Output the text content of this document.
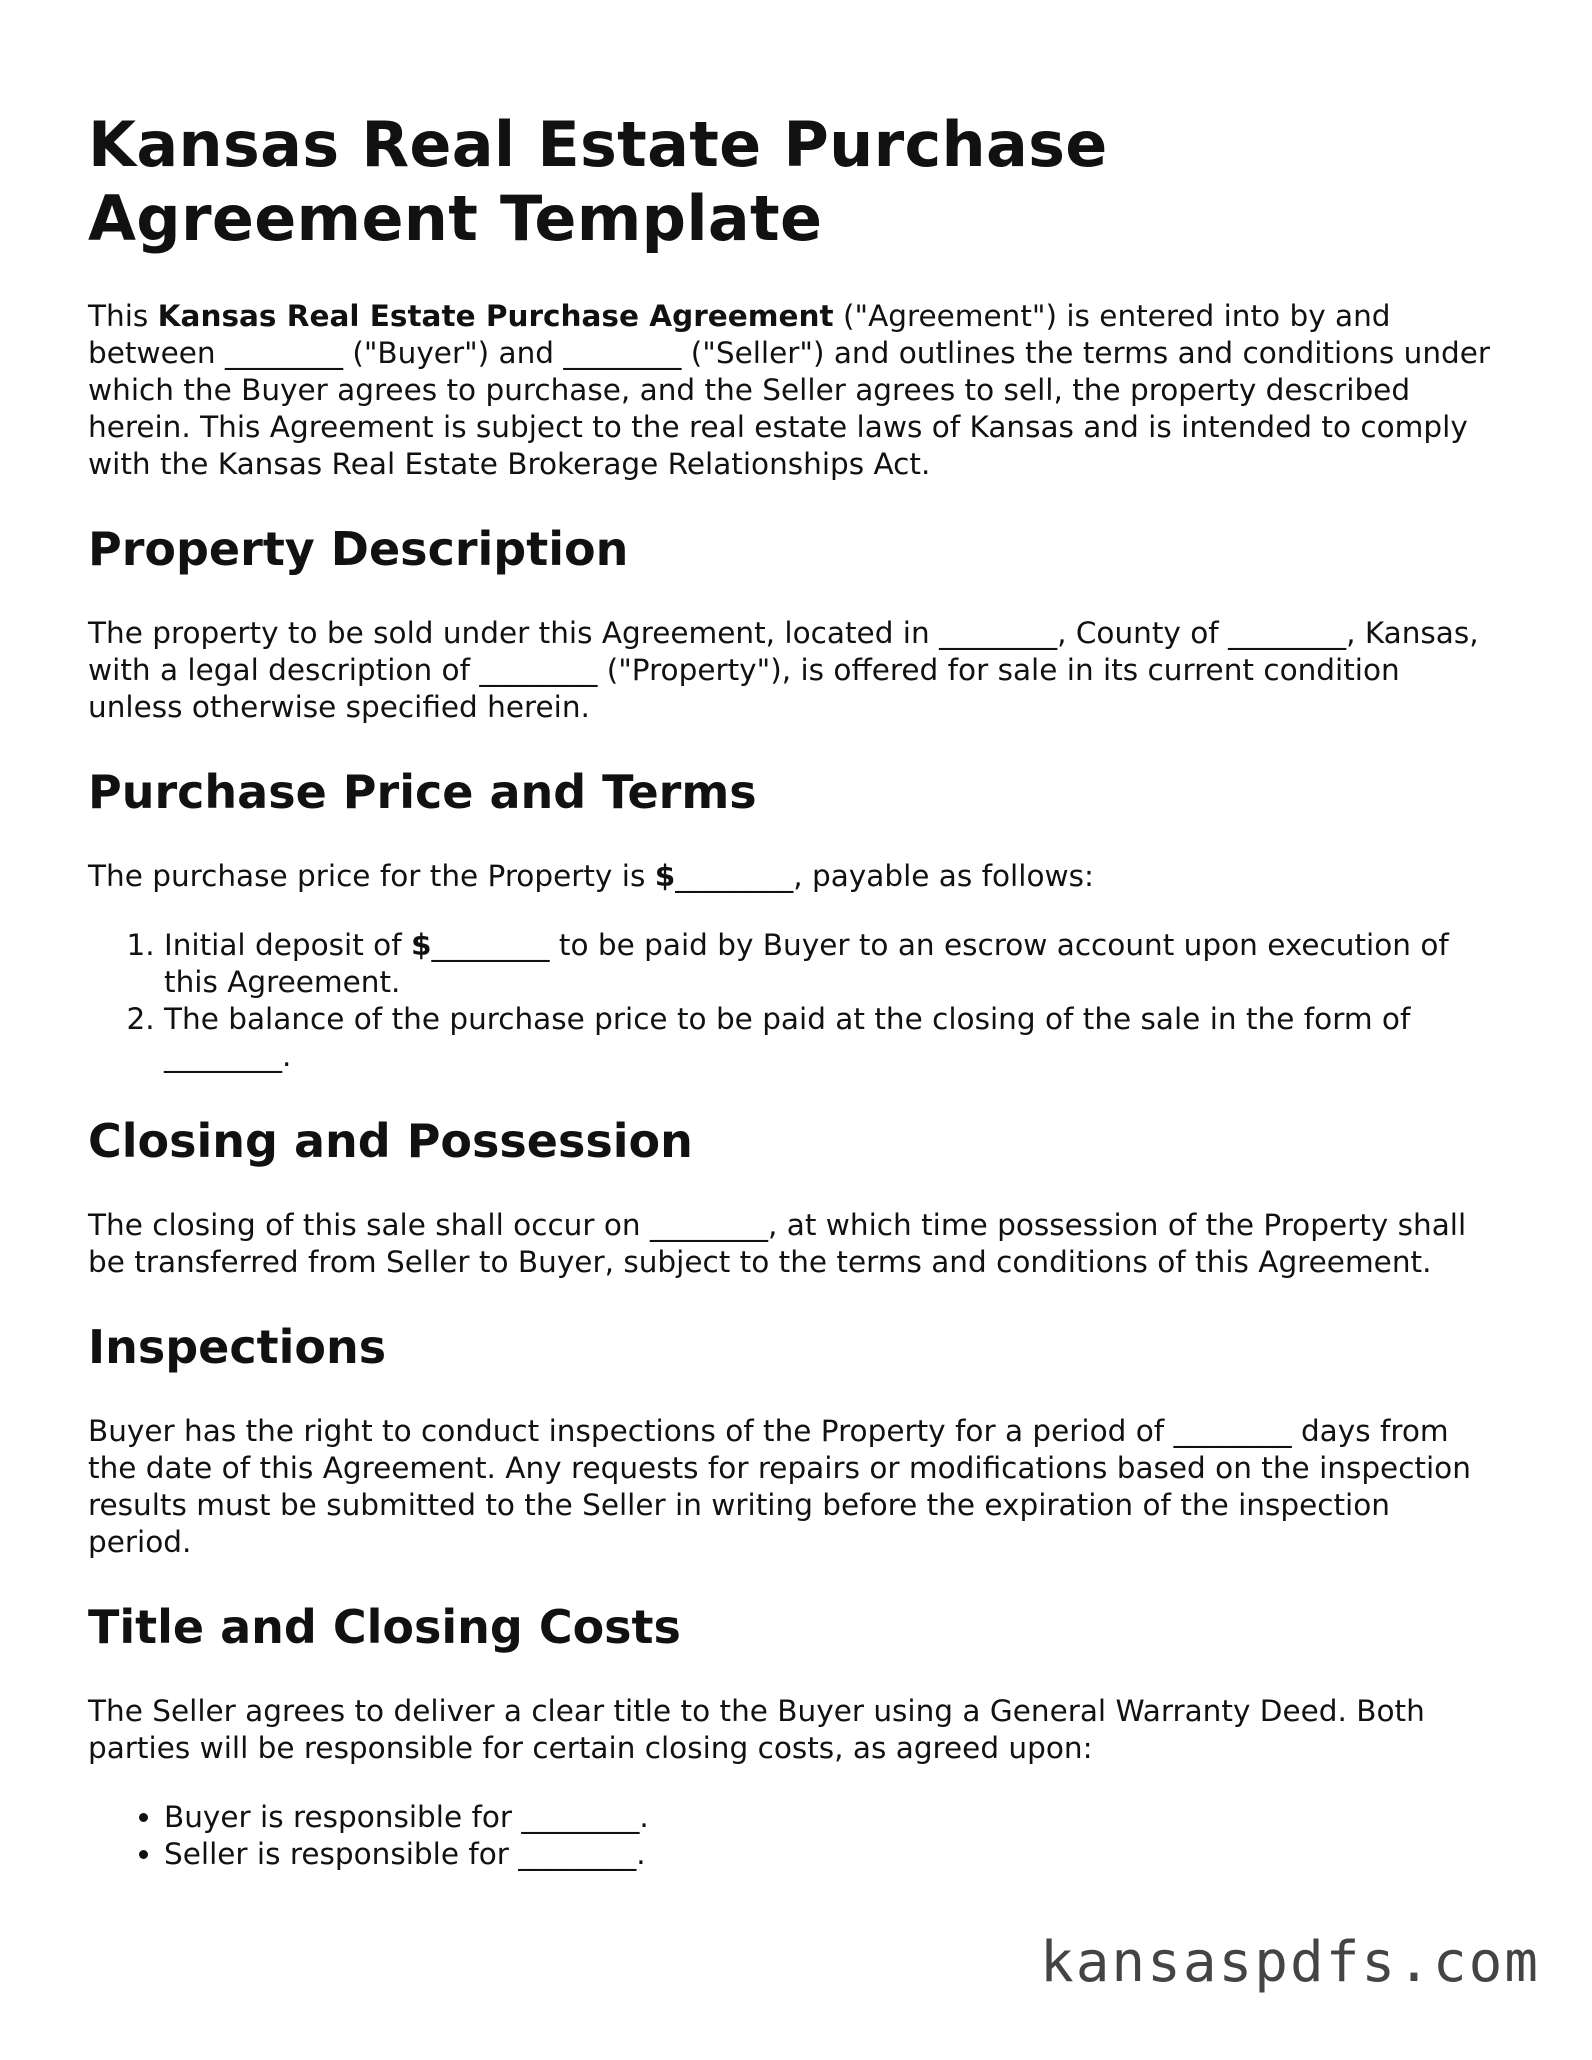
Kansas Real Estate Purchase Agreement Template

This Kansas Real Estate Purchase Agreement ("Agreement") is entered into by and between ________ ("Buyer") and ________ ("Seller") and outlines the terms and conditions under which the Buyer agrees to purchase, and the Seller agrees to sell, the property described herein. This Agreement is subject to the real estate laws of Kansas and is intended to comply with the Kansas Real Estate Brokerage Relationships Act.

Property Description

The property to be sold under this Agreement, located in ________, County of ________, Kansas, with a legal description of ________ ("Property"), is offered for sale in its current condition unless otherwise specified herein.

Purchase Price and Terms

The purchase price for the Property is $________, payable as follows:

1. Initial deposit of $________ to be paid by Buyer to an escrow account upon execution of this Agreement.
2. The balance of the purchase price to be paid at the closing of the sale in the form of ________.
Closing and Possession

The closing of this sale shall occur on ________, at which time possession of the Property shall be transferred from Seller to Buyer, subject to the terms and conditions of this Agreement.

Inspections

Buyer has the right to conduct inspections of the Property for a period of ________ days from the date of this Agreement. Any requests for repairs or modifications based on the inspection results must be submitted to the Seller in writing before the expiration of the inspection period.

Title and Closing Costs

The Seller agrees to deliver a clear title to the Buyer using a General Warranty Deed. Both parties will be responsible for certain closing costs, as agreed upon:

• Buyer is responsible for ________.
• Seller is responsible for ________.
kansaspdfs.com
